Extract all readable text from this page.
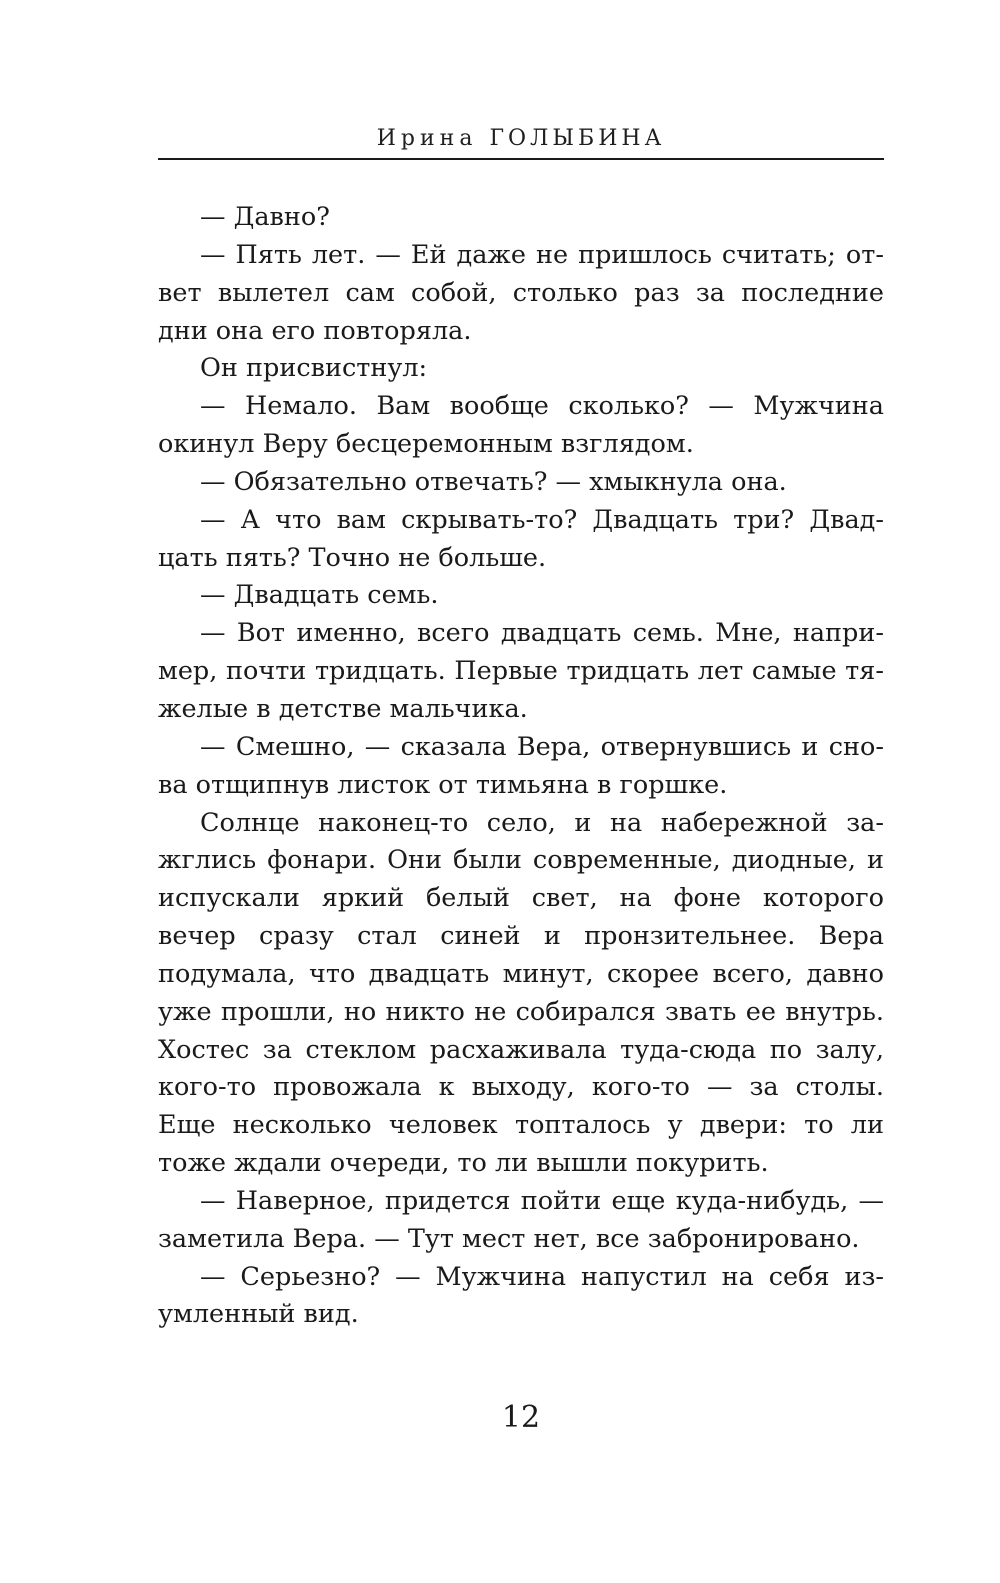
Ирина ГОЛЫБИНА

— Давно?

— Пять лет. — Ей даже не пришлось считать; ответ вылетел сам собой, столько раз за последние дни она его повторяла.

Он присвистнул:

— Немало. Вам вообще сколько? — Мужчина окинул Веру бесцеремонным взглядом.

— Обязательно отвечать? — хмыкнула она.

— А что вам скрывать-то? Двадцать три? Двадцать пять? Точно не больше.

— Двадцать семь.

— Вот именно, всего двадцать семь. Мне, например, почти тридцать. Первые тридцать лет самые тяжелые в детстве мальчика.

— Смешно, — сказала Вера, отвернувшись и снова отщипнув листок от тимьяна в горшке.

Солнце наконец-то село, и на набережной зажглись фонари. Они были современные, диодные, и испускали яркий белый свет, на фоне которого вечер сразу стал синей и пронзительнее. Вера подумала, что двадцать минут, скорее всего, давно уже прошли, но никто не собирался звать ее внутрь. Хостес за стеклом расхаживала туда-сюда по залу, кого-то провожала к выходу, кого-то — за столы. Еще несколько человек топталось у двери: то ли тоже ждали очереди, то ли вышли покурить.

— Наверное, придется пойти еще куда-нибудь, — заметила Вера. — Тут мест нет, все забронировано.

— Серьезно? — Мужчина напустил на себя изумленный вид.

12
